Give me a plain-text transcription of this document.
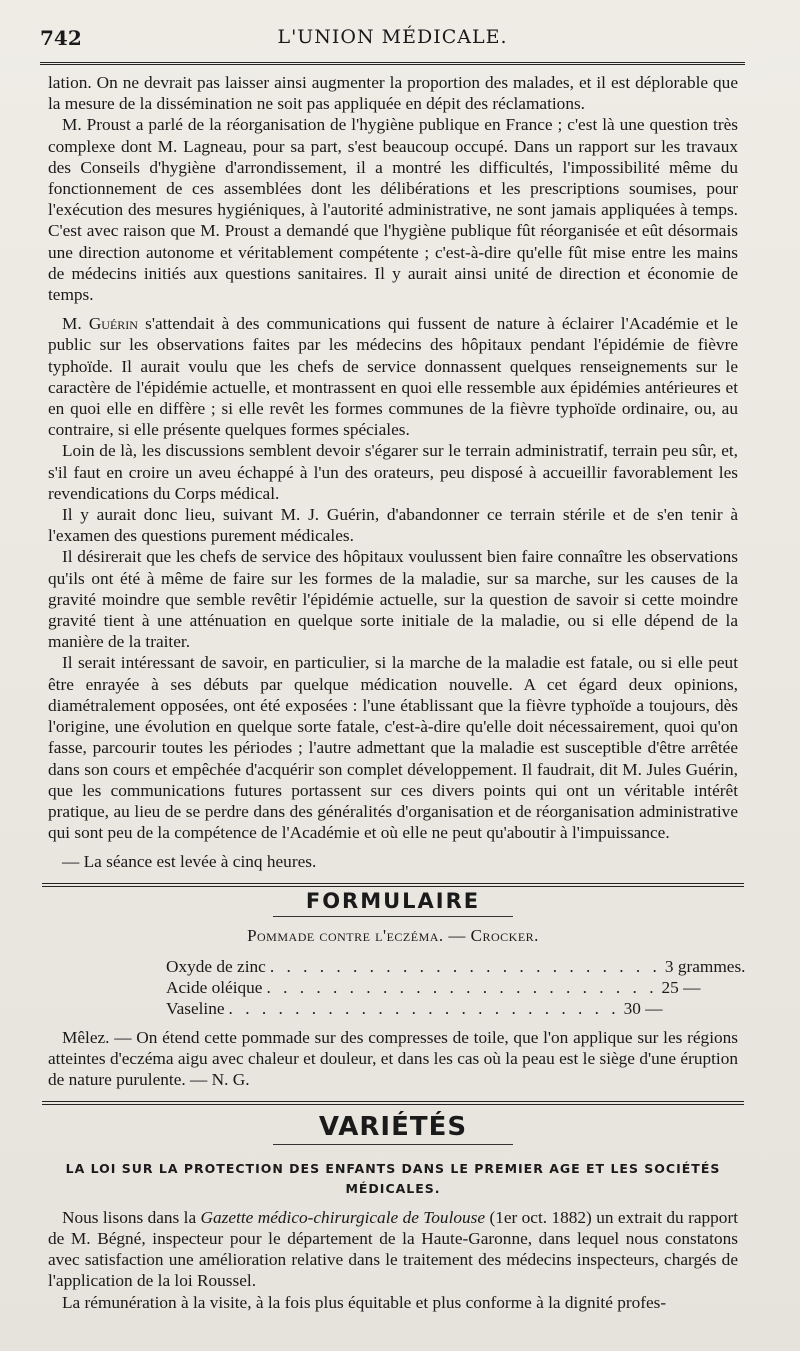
742	L'UNION MÉDICALE.

lation. On ne devrait pas laisser ainsi augmenter la proportion des malades, et il est déplorable que la mesure de la dissémination ne soit pas appliquée en dépit des réclamations.

M. Proust a parlé de la réorganisation de l'hygiène publique en France ; c'est là une question très complexe dont M. Lagneau, pour sa part, s'est beaucoup occupé. Dans un rapport sur les travaux des Conseils d'hygiène d'arrondissement, il a montré les difficultés, l'impossibilité même du fonctionnement de ces assemblées dont les délibérations et les prescriptions soumises, pour l'exécution des mesures hygiéniques, à l'autorité administrative, ne sont jamais appliquées à temps. C'est avec raison que M. Proust a demandé que l'hygiène publique fût réorganisée et eût désormais une direction autonome et véritablement compétente ; c'est-à-dire qu'elle fût mise entre les mains de médecins initiés aux questions sanitaires. Il y aurait ainsi unité de direction et économie de temps.

M. Guérin s'attendait à des communications qui fussent de nature à éclairer l'Académie et le public sur les observations faites par les médecins des hôpitaux pendant l'épidémie de fièvre typhoïde. Il aurait voulu que les chefs de service donnassent quelques renseignements sur le caractère de l'épidémie actuelle, et montrassent en quoi elle ressemble aux épidémies antérieures et en quoi elle en diffère ; si elle revêt les formes communes de la fièvre typhoïde ordinaire, ou, au contraire, si elle présente quelques formes spéciales.

Loin de là, les discussions semblent devoir s'égarer sur le terrain administratif, terrain peu sûr, et, s'il faut en croire un aveu échappé à l'un des orateurs, peu disposé à accueillir favorablement les revendications du Corps médical.

Il y aurait donc lieu, suivant M. J. Guérin, d'abandonner ce terrain stérile et de s'en tenir à l'examen des questions purement médicales.

Il désirerait que les chefs de service des hôpitaux voulussent bien faire connaître les observations qu'ils ont été à même de faire sur les formes de la maladie, sur sa marche, sur les causes de la gravité moindre que semble revêtir l'épidémie actuelle, sur la question de savoir si cette moindre gravité tient à une atténuation en quelque sorte initiale de la maladie, ou si elle dépend de la manière de la traiter.

Il serait intéressant de savoir, en particulier, si la marche de la maladie est fatale, ou si elle peut être enrayée à ses débuts par quelque médication nouvelle. A cet égard deux opinions, diamétralement opposées, ont été exposées : l'une établissant que la fièvre typhoïde a toujours, dès l'origine, une évolution en quelque sorte fatale, c'est-à-dire qu'elle doit nécessairement, quoi qu'on fasse, parcourir toutes les périodes ; l'autre admettant que la maladie est susceptible d'être arrêtée dans son cours et empêchée d'acquérir son complet développement. Il faudrait, dit M. Jules Guérin, que les communications futures portassent sur ces divers points qui ont un véritable intérêt pratique, au lieu de se perdre dans des généralités d'organisation et de réorganisation administrative qui sont peu de la compétence de l'Académie et où elle ne peut qu'aboutir à l'impuissance.

— La séance est levée à cinq heures.

FORMULAIRE
Pommade contre l'eczéma. — Crocker.
Oxyde de zinc . . . . . . . . . . . . . . . . . . . . . . . . 3 grammes.
Acide oléique . . . . . . . . . . . . . . . . . . . . . . . . 25 —
Vaseline . . . . . . . . . . . . . . . . . . . . . . . . 30 —

Mêlez. — On étend cette pommade sur des compresses de toile, que l'on applique sur les régions atteintes d'eczéma aigu avec chaleur et douleur, et dans les cas où la peau est le siège d'une éruption de nature purulente. — N. G.

VARIÉTÉS
LA LOI SUR LA PROTECTION DES ENFANTS DANS LE PREMIER AGE ET LES SOCIÉTÉS MÉDICALES.

Nous lisons dans la Gazette médico-chirurgicale de Toulouse (1er oct. 1882) un extrait du rapport de M. Bégné, inspecteur pour le département de la Haute-Garonne, dans lequel nous constatons avec satisfaction une amélioration relative dans le traitement des médecins inspecteurs, chargés de l'application de la loi Roussel.

La rémunération à la visite, à la fois plus équitable et plus conforme à la dignité profes-
